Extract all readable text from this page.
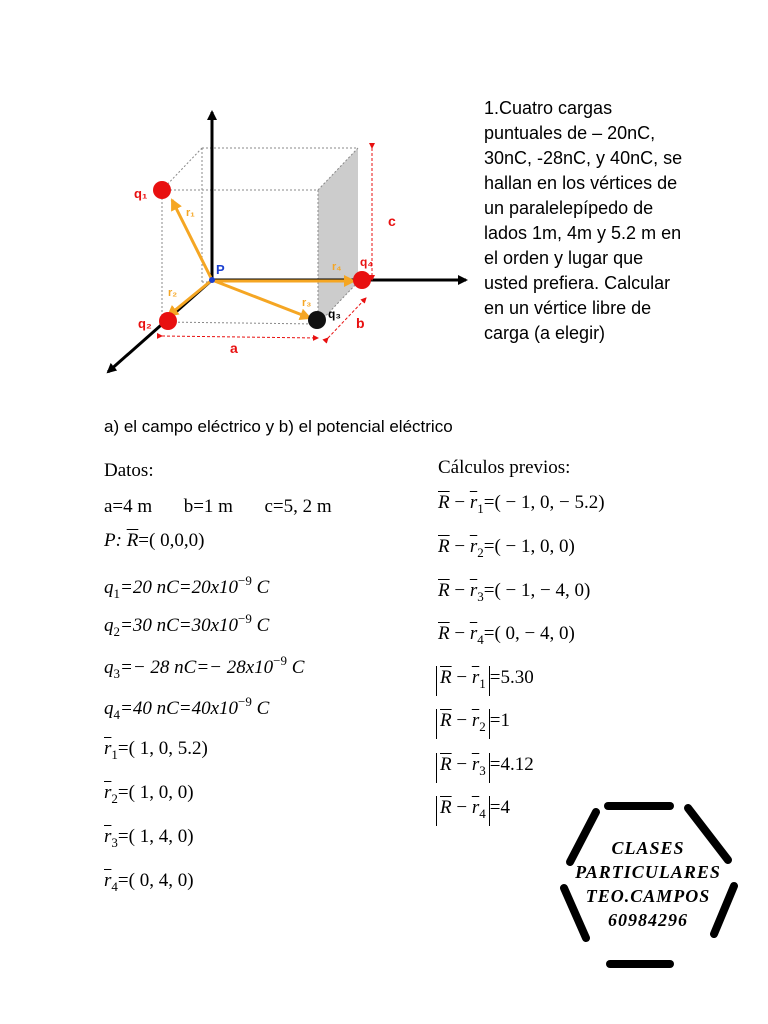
q₁
q₂
q₃
q₄
P
r₁
r₂
r₃
r₄
a
b
c
1.Cuatro cargas puntuales de – 20nC, 30nC, -28nC, y 40nC, se hallan en los vértices de un paralelepípedo de lados 1m, 4m y 5.2 m en el orden y lugar que usted prefiera. Calcular en un vértice libre de carga (a elegir)
a) el campo eléctrico y b) el potencial eléctrico
Datos:
a=4 m b=1 m c=5, 2 m
P: $\overline{R}=$( 0,0,0)
$q_1=20$ $nC=20x10^{-9}$ C
$q_2=30$ $nC=30x10^{-9}$ C
$q_3=- 28$ $nC=- 28x10^{-9}$ C
$q_4=40$ $nC=40x10^{-9}$ C
$\overline{r}_1=$( 1, 0, 5.2)
$\overline{r}_2=$( 1, 0, 0)
$\overline{r}_3=$( 1, 4, 0)
$\overline{r}_4=$( 0, 4, 0)
Cálculos previos:
$\overline{R} - \overline{r}_1=( - 1$, 0, − 5.2)
$\overline{R} - \overline{r}_2=( - 1$, 0, 0)
$\overline{R} - \overline{r}_3=( - 1$, − 4, 0)
$\overline{R} - \overline{r}_4=$( 0, − 4, 0)
$\overline{R} - \overline{r}_1 =5.30$
$\overline{R} - \overline{r}_2 =1$
$\overline{R} - \overline{r}_3 =4.12$
$\overline{R} - \overline{r}_4 =4$
CLASES
PARTICULARES
TEO.CAMPOS
60984296
